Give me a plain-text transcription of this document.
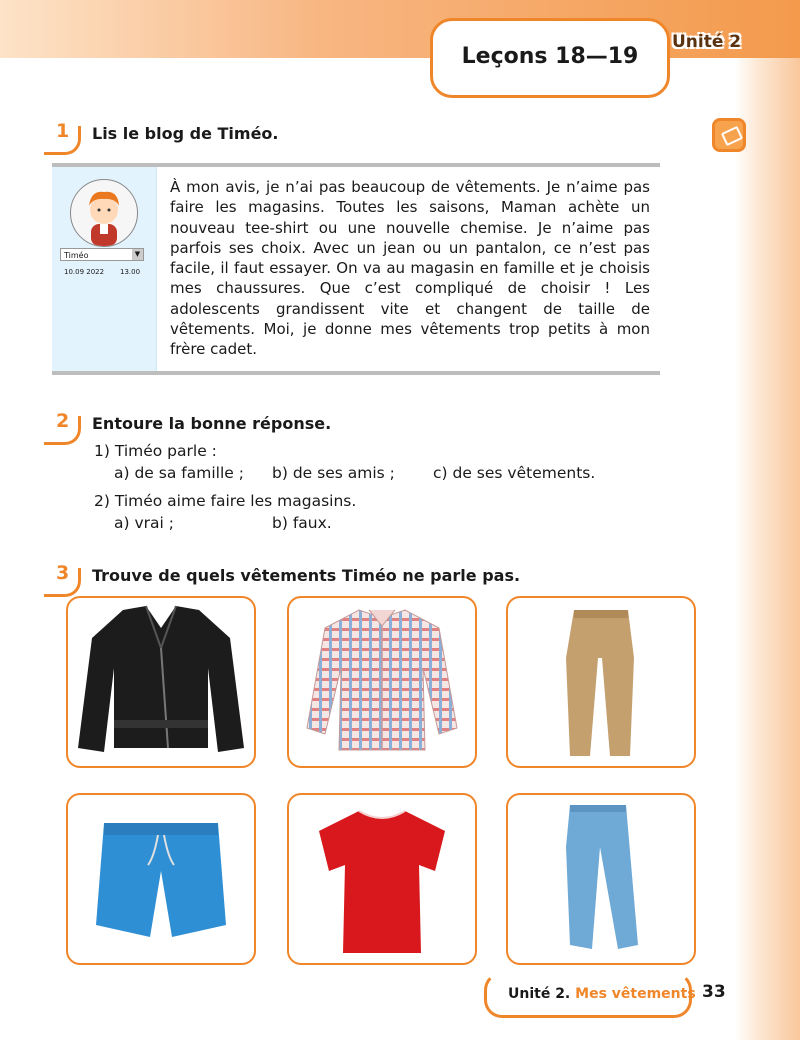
Leçons 18—19
Unité 2
1 Lis le blog de Timéo.
Timéo	▼
10.09 2022 13.00
À mon avis, je n’ai pas beaucoup de vêtements. Je n’aime pas faire les magasins. Toutes les saisons, Maman achète un nouveau tee-shirt ou une nouvelle chemise. Je n’aime pas parfois ses choix. Avec un jean ou un pantalon, ce n’est pas facile, il faut essayer. On va au magasin en famille et je choisis mes chaussures. Que c’est compliqué de choisir ! Les adolescents grandissent vite et changent de taille de vêtements. Moi, je donne mes vêtements trop petits à mon frère cadet.
2 Entoure la bonne réponse.
1) Timéo parle :
a) de sa famille ; b) de ses amis ; c) de ses vêtements.
2) Timéo aime faire les magasins.
a) vrai ;	b) faux.
3 Trouve de quels vêtements Timéo ne parle pas.
Unité 2. Mes vêtements 33
